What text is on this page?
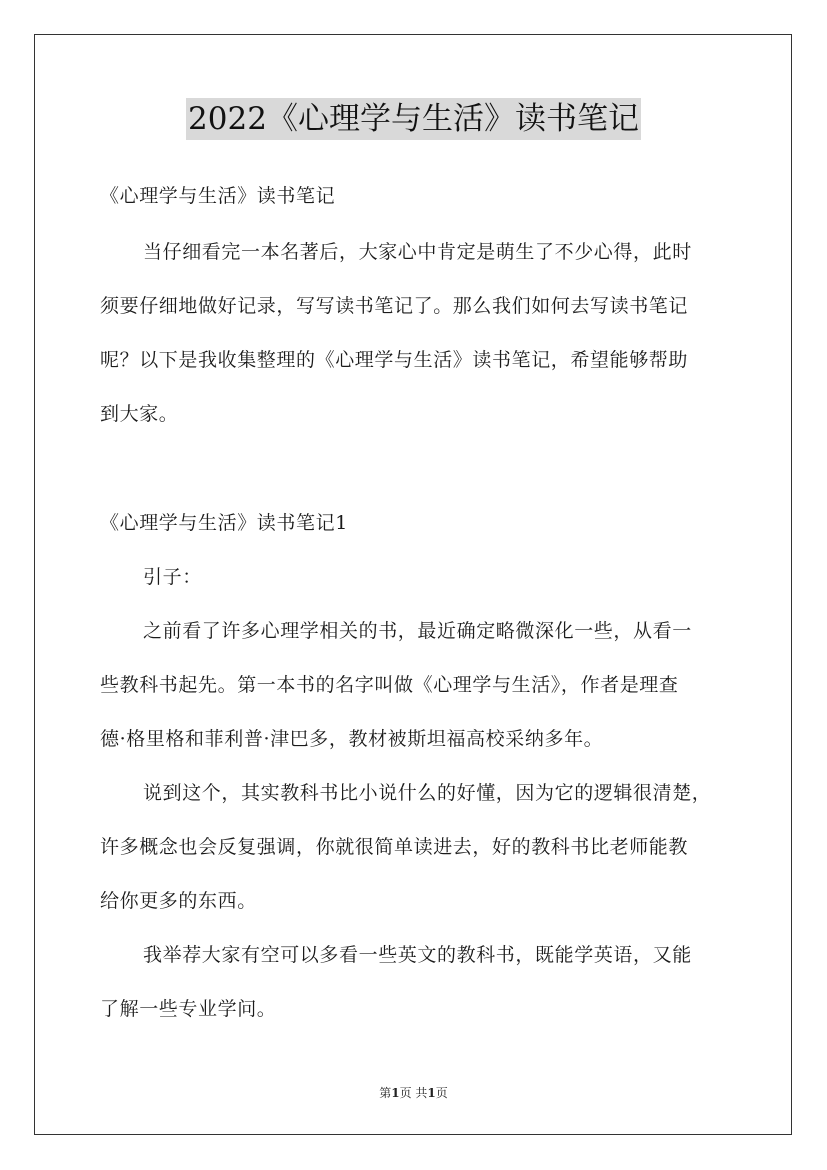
2022《心理学与生活》读书笔记
《心理学与生活》读书笔记
当仔细看完一本名著后，大家心中肯定是萌生了不少心得，此时
须要仔细地做好记录，写写读书笔记了。那么我们如何去写读书笔记
呢？以下是我收集整理的《心理学与生活》读书笔记，希望能够帮助
到大家。
《心理学与生活》读书笔记1
引子：
之前看了许多心理学相关的书，最近确定略微深化一些，从看一
些教科书起先。第一本书的名字叫做《心理学与生活》，作者是理查
德·格里格和菲利普·津巴多，教材被斯坦福高校采纳多年。
说到这个，其实教科书比小说什么的好懂，因为它的逻辑很清楚，
许多概念也会反复强调，你就很简单读进去，好的教科书比老师能教
给你更多的东西。
我举荐大家有空可以多看一些英文的教科书，既能学英语，又能
了解一些专业学问。
第1页 共1页
